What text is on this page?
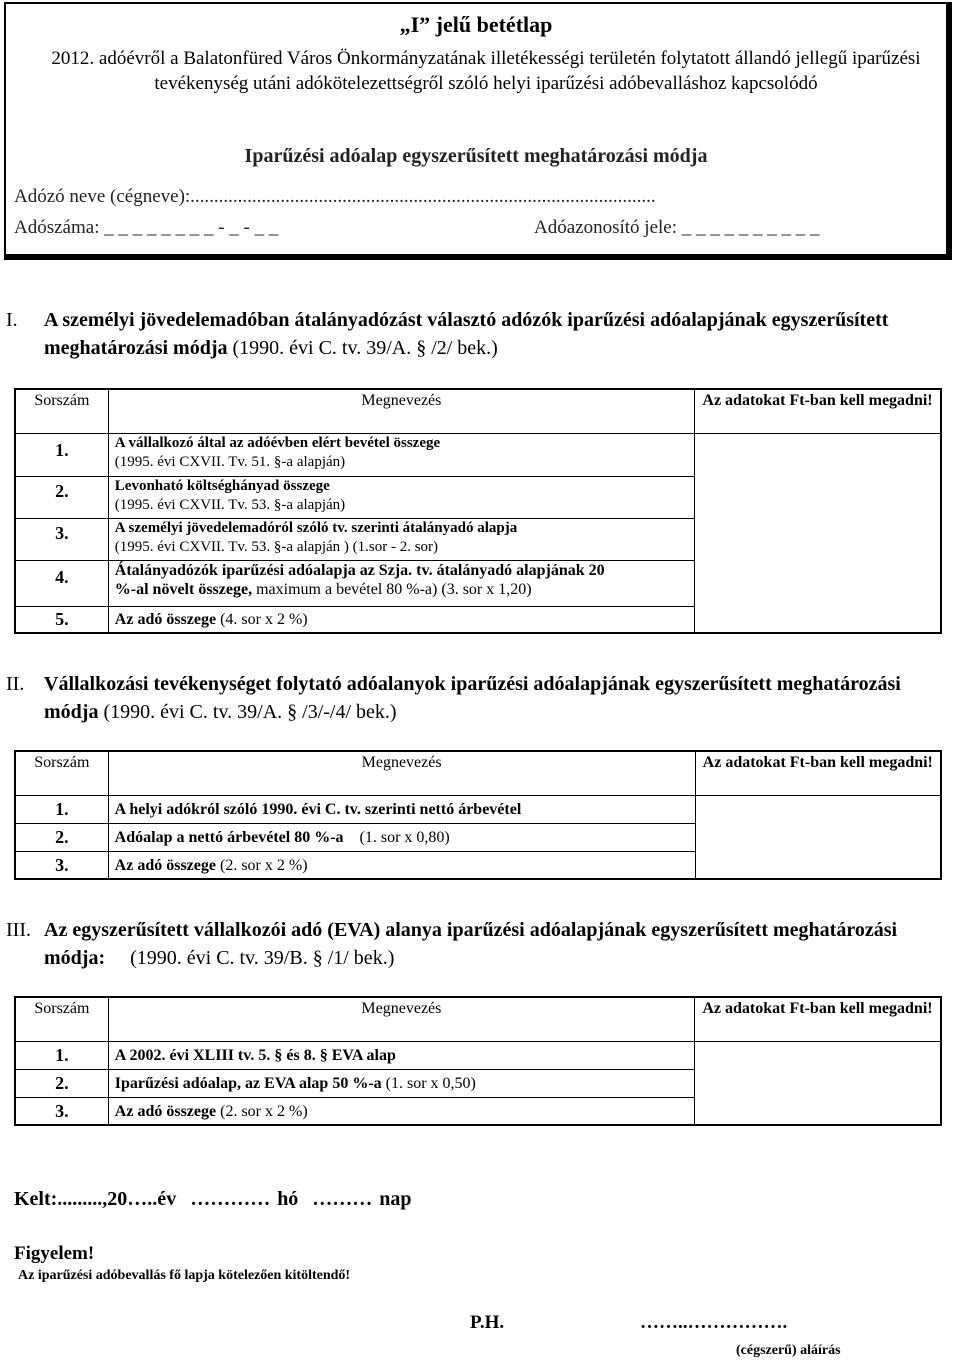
„I” jelű betétlap
2012. adóévről a Balatonfüred Város Önkormányzatának illetékességi területén folytatott állandó jellegű iparűzési tevékenység utáni adókötelezettségről szóló helyi iparűzési adóbevalláshoz kapcsolódó
Iparűzési adóalap egyszerűsített meghatározási módja
Adózó neve (cégneve):..................................................................................................
Adószáma: _ _ _ _ _ _ _ _ - _ - _ _	Adóazonosító jele: _ _ _ _ _ _ _ _ _ _
I. A személyi jövedelemadóban átalányadózást választó adózók iparűzési adóalapjának egyszerűsített meghatározási módja (1990. évi C. tv. 39/A. § /2/ bek.)
Sorszám	Megnevezés	Az adatokat Ft-ban kell megadni!
1.	A vállalkozó által az adóévben elért bevétel összege
(1995. évi CXVII. Tv. 51. §-a alapján)	

2.	Levonható költséghányad összege
(1995. évi CXVII. Tv. 53. §-a alapján)	

3.	A személyi jövedelemadóról szóló tv. szerinti átalányadó alapja
(1995. évi CXVII. Tv. 53. §-a alapján ) (1.sor - 2. sor)	

4.	Átalányadózók iparűzési adóalapja az Szja. tv. átalányadó alapjának 20
%-al növelt összege, maximum a bevétel 80 %-a) (3. sor x 1,20)	

5.	Az adó összege (4. sor x 2 %)	
II. Vállalkozási tevékenységet folytató adóalanyok iparűzési adóalapjának egyszerűsített meghatározási módja (1990. évi C. tv. 39/A. § /3/-/4/ bek.)
Sorszám	Megnevezés	Az adatokat Ft-ban kell megadni!
1.	A helyi adókról szóló 1990. évi C. tv. szerinti nettó árbevétel	
2.	Adóalap a nettó árbevétel 80 %-a    (1. sor x 0,80)	
3.	Az adó összege (2. sor x 2 %)	
III. Az egyszerűsített vállalkozói adó (EVA) alanya iparűzési adóalapjának egyszerűsített meghatározási módja:     (1990. évi C. tv. 39/B. § /1/ bek.)
Sorszám	Megnevezés	Az adatokat Ft-ban kell megadni!
1.	A 2002. évi XLIII tv. 5. § és 8. § EVA alap	
2.	Iparűzési adóalap, az EVA alap 50 %-a (1. sor x 0,50)	
3.	Az adó összege (2. sor x 2 %)	
Kelt:.........,20…..év  ………… hó  ……… nap
Figyelem!
Az iparűzési adóbevallás fő lapja kötelezően kitöltendő!
P.H.	……..…………….
(cégszerű) aláírás
